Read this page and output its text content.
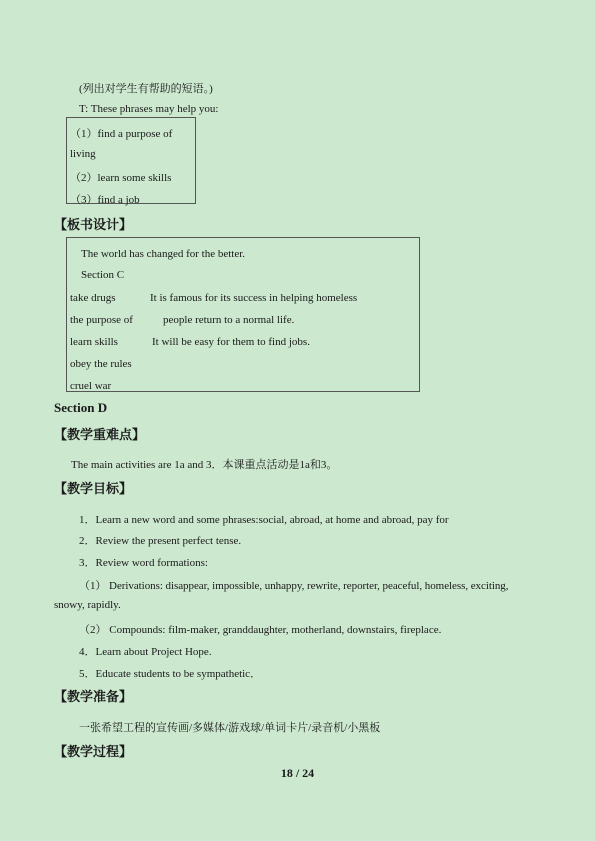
(列出对学生有帮助的短语。)
T: These phrases may help you:
（1）find a purpose of
living
（2）learn some skills
（3）find a job
【板书设计】
The world has changed for the better.
Section C
take drugs	It is famous for its success in helping homeless
the purpose of	people return to a normal life.
learn skills	It will be easy for them to find jobs.
obey the rules
cruel war
Section D
【教学重难点】
The main activities are 1a and 3．本课重点活动是1a和3。
【教学目标】
1．Learn a new word and some phrases:social, abroad, at home and abroad, pay for
2．Review the present perfect tense.
3．Review word formations:
（1） Derivations: disappear, impossible, unhappy, rewrite, reporter, peaceful, homeless, exciting,
snowy, rapidly.
（2） Compounds: film-maker, granddaughter, motherland, downstairs, fireplace.
4．Learn about Project Hope.
5．Educate students to be sympathetic．
【教学准备】
一张希望工程的宣传画/多媒体/游戏球/单词卡片/录音机/小黑板
【教学过程】
18 / 24
